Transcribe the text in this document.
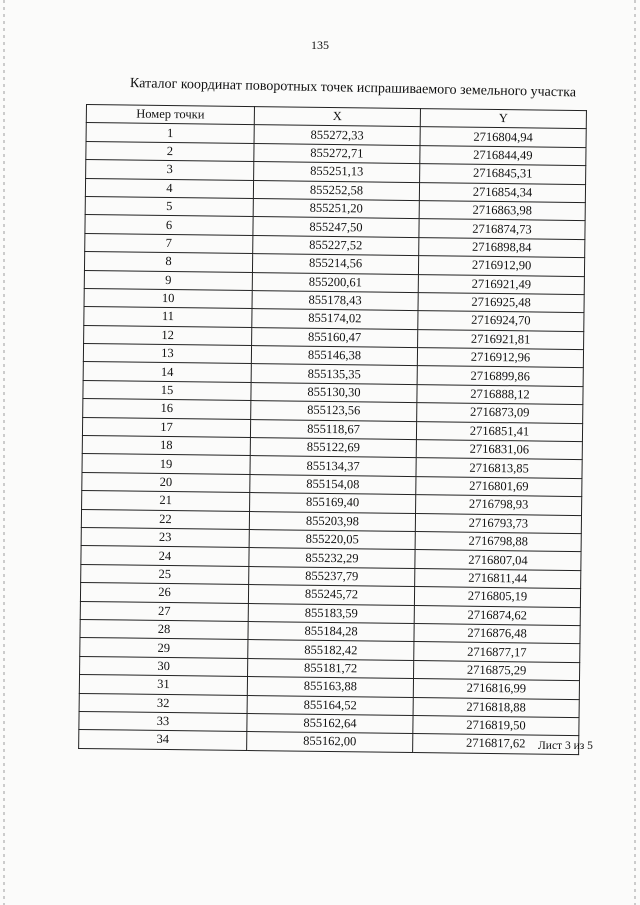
135
Каталог координат поворотных точек испрашиваемого земельного участка
Номер точки	X	Y
1	855272,33	2716804,94
2	855272,71	2716844,49
3	855251,13	2716845,31
4	855252,58	2716854,34
5	855251,20	2716863,98
6	855247,50	2716874,73
7	855227,52	2716898,84
8	855214,56	2716912,90
9	855200,61	2716921,49
10	855178,43	2716925,48
11	855174,02	2716924,70
12	855160,47	2716921,81
13	855146,38	2716912,96
14	855135,35	2716899,86
15	855130,30	2716888,12
16	855123,56	2716873,09
17	855118,67	2716851,41
18	855122,69	2716831,06
19	855134,37	2716813,85
20	855154,08	2716801,69
21	855169,40	2716798,93
22	855203,98	2716793,73
23	855220,05	2716798,88
24	855232,29	2716807,04
25	855237,79	2716811,44
26	855245,72	2716805,19
27	855183,59	2716874,62
28	855184,28	2716876,48
29	855182,42	2716877,17
30	855181,72	2716875,29
31	855163,88	2716816,99
32	855164,52	2716818,88
33	855162,64	2716819,50
34	855162,00	2716817,62 Лист 3 из 5
